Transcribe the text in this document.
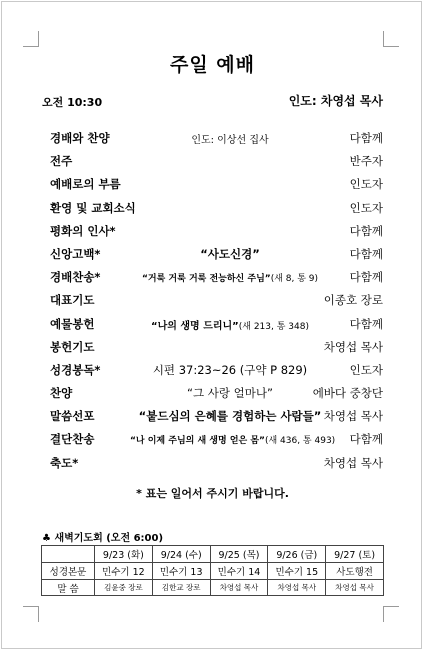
주일 예배
오전 10:30	인도: 차영섭 목사
경배와 찬양	인도: 이상선 집사	다함께
전주	반주자
예배로의 부름	인도자
환영 및 교회소식	인도자
평화의 인사*	다함께
신앙고백*	“사도신경”	다함께
경배찬송*	“거룩 거룩 거룩 전능하신 주님”(새 8, 통 9)	다함께
대표기도	이종호 장로
예물봉헌	“나의 생명 드리니”(새 213, 통 348)	다함께
봉헌기도	차영섭 목사
성경봉독*	시편 37:23~26 (구약 P 829)	인도자
찬양	“그 사랑 얼마나”	에바다 중창단
말씀선포	“붙드심의 은혜를 경험하는 사람들” 차영섭 목사
결단찬송	“나 이제 주님의 새 생명 얻은 몸”(새 436, 통 493) 다함께
축도*	차영섭 목사
* 표는 일어서 주시기 바랍니다.
♣ 새벽기도회 (오전 6:00)
	9/23 (화)	9/24 (수)	9/25 (목)	9/26 (금)	9/27 (토)
성경본문	민수기 12	민수기 13	민수기 14	민수기 15	사도행전
말 씀	김윤중 장로	김한교 장로	차영섭 목사	차영섭 목사	차영섭 목사
